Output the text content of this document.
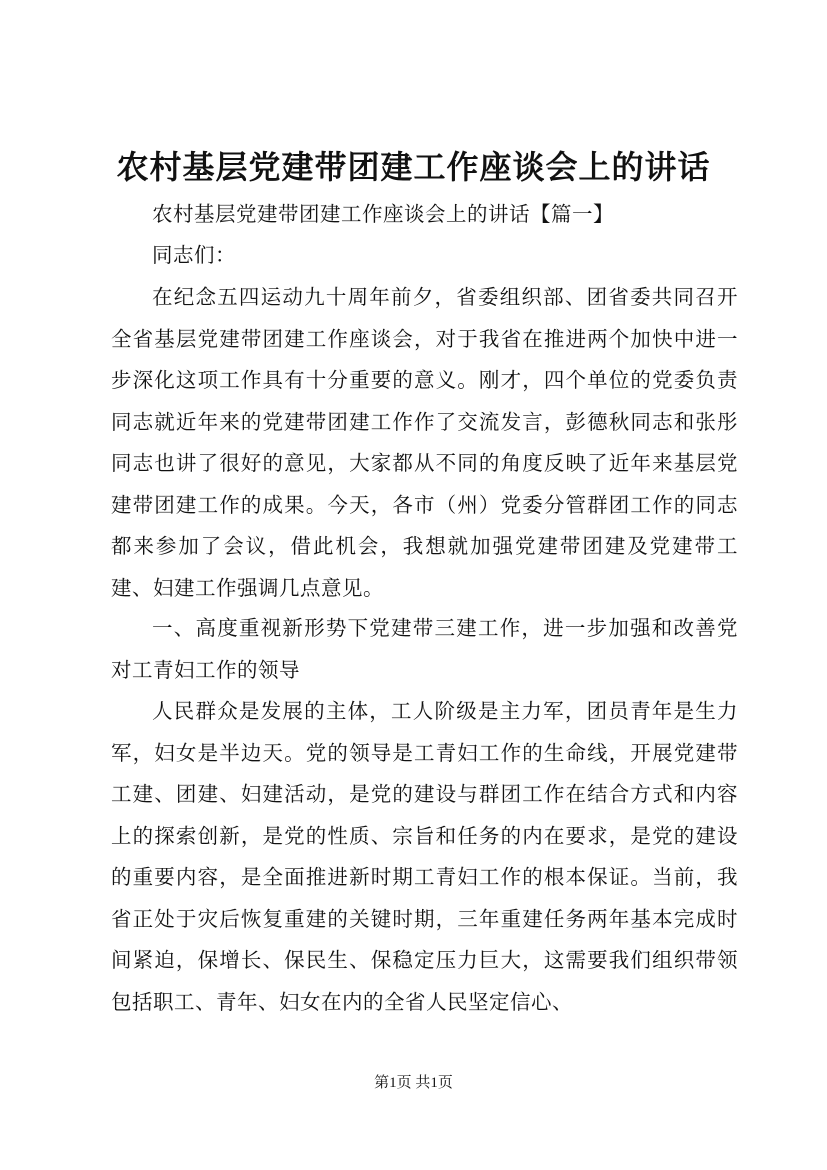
农村基层党建带团建工作座谈会上的讲话

农村基层党建带团建工作座谈会上的讲话【篇一】

同志们：

在纪念五四运动九十周年前夕，省委组织部、团省委共同召开全省基层党建带团建工作座谈会，对于我省在推进两个加快中进一步深化这项工作具有十分重要的意义。刚才，四个单位的党委负责同志就近年来的党建带团建工作作了交流发言，彭德秋同志和张彤同志也讲了很好的意见，大家都从不同的角度反映了近年来基层党建带团建工作的成果。今天，各市（州）党委分管群团工作的同志都来参加了会议，借此机会，我想就加强党建带团建及党建带工建、妇建工作强调几点意见。

一、高度重视新形势下党建带三建工作，进一步加强和改善党对工青妇工作的领导

人民群众是发展的主体，工人阶级是主力军，团员青年是生力军，妇女是半边天。党的领导是工青妇工作的生命线，开展党建带工建、团建、妇建活动，是党的建设与群团工作在结合方式和内容上的探索创新，是党的性质、宗旨和任务的内在要求，是党的建设的重要内容，是全面推进新时期工青妇工作的根本保证。当前，我省正处于灾后恢复重建的关键时期，三年重建任务两年基本完成时间紧迫，保增长、保民生、保稳定压力巨大，这需要我们组织带领包括职工、青年、妇女在内的全省人民坚定信心、

第1页 共1页
